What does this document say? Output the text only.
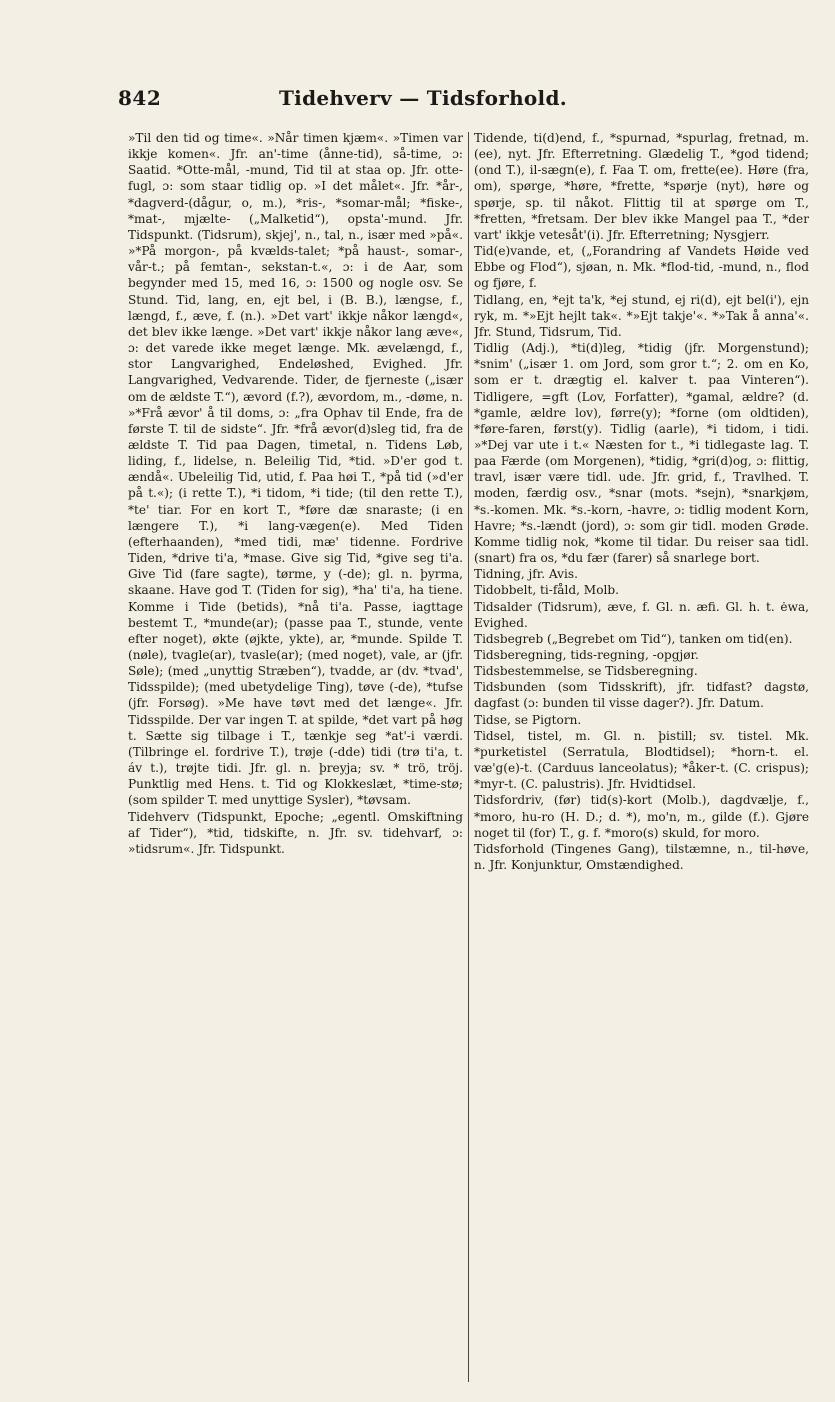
842	Tidehverv — Tidsforhold.

»Til den tid og time«. »Når timen kjæm«. »Timen var ikkje komen«. Jfr. an'-time (ånne-tid), så-time, ɔ: Saatid. *Otte-mål, -mund, Tid til at staa op. Jfr. otte-fugl, ɔ: som staar tidlig op. »I det målet«. Jfr. *år-, *dagverd-(dågur, o, m.), *ris-, *somar-mål; *fiske-, *mat-, mjælte- („Malketid“), opsta'-mund. Jfr. Tidspunkt. (Tidsrum), skjej', n., tal, n., især med »på«. »*På morgon-, på kvælds-talet; *på haust-, somar-, vår-t.; på femtan-, sekstan-t.«, ɔ: i de Aar, som begynder med 15, med 16, ɔ: 1500 og nogle osv. Se Stund. Tid, lang, en, ejt bel, i (B. B.), længse, f., længd, f., æve, f. (n.). »Det vart' ikkje nåkor længd«, det blev ikke længe. »Det vart' ikkje nåkor lang æve«, ɔ: det varede ikke meget længe. Mk. ævelængd, f., stor Langvarighed, Endeløshed, Evighed. Jfr. Langvarighed, Vedvarende. Tider, de fjerneste („især om de ældste T.“), ævord (f.?), ævordom, m., -døme, n. »*Frå ævor' å til doms, ɔ: „fra Ophav til Ende, fra de første T. til de sidste“. Jfr. *frå ævor(d)sleg tid, fra de ældste T. Tid paa Dagen, timetal, n. Tidens Løb, liding, f., lidelse, n. Beleilig Tid, *tid. »D'er god t. ændå«. Ubeleilig Tid, utid, f. Paa høi T., *på tid (»d'er på t.«); (i rette T.), *i tidom, *i tide; (til den rette T.), *te' tiar. For en kort T., *føre dæ snaraste; (i en længere T.), *i lang-vægen(e). Med Tiden (efterhaanden), *med tidi, mæ' tidenne. Fordrive Tiden, *drive ti'a, *mase. Give sig Tid, *give seg ti'a. Give Tid (fare sagte), tørme, y (-de); gl. n. þyrma, skaane. Have god T. (Tiden for sig), *ha' ti'a, ha tiene. Komme i Tide (betids), *nå ti'a. Passe, iagttage bestemt T., *munde(ar); (passe paa T., stunde, vente efter noget), økte (øjkte, ykte), ar, *munde. Spilde T. (nøle), tvagle(ar), tvasle(ar); (med noget), vale, ar (jfr. Søle); (med „unyttig Stræben“), tvadde, ar (dv. *tvad', Tidsspilde); (med ubetydelige Ting), tøve (-de), *tufse (jfr. Forsøg). »Me have tøvt med det længe«. Jfr. Tidsspilde. Der var ingen T. at spilde, *det vart på høg t. Sætte sig tilbage i T., tænkje seg *at'-i værdi. (Tilbringe el. fordrive T.), trøje (-dde) tidi (trø ti'a, t. áv t.), trøjte tidi. Jfr. gl. n. þreyja; sv. * trö, tröj. Punktlig med Hens. t. Tid og Klokkeslæt, *time-stø; (som spilder T. med unyttige Sysler), *tøvsam.

Tidehverv (Tidspunkt, Epoche; „egentl. Omskiftning af Tider“), *tid, tidskifte, n. Jfr. sv. tidehvarf, ɔ: »tidsrum«. Jfr. Tidspunkt.

Tidende, ti(d)end, f., *spurnad, *spurlag, fretnad, m. (ee), nyt. Jfr. Efterretning. Glædelig T., *god tidend; (ond T.), il-sægn(e), f. Faa T. om, frette(ee). Høre (fra, om), spørge, *høre, *frette, *spørje (nyt), høre og spørje, sp. til nåkot. Flittig til at spørge om T., *fretten, *fretsam. Der blev ikke Mangel paa T., *der vart' ikkje vetesåt'(i). Jfr. Efterretning; Nysgjerr.

Tid(e)vande, et, („Forandring af Vandets Høide ved Ebbe og Flod“), sjøan, n. Mk. *flod-tid, -mund, n., flod og fjøre, f.

Tidlang, en, *ejt ta'k, *ej stund, ej ri(d), ejt bel(i'), ejn ryk, m. *»Ejt hejlt tak«. *»Ejt takje'«. *»Tak å anna'«. Jfr. Stund, Tidsrum, Tid.

Tidlig (Adj.), *ti(d)leg, *tidig (jfr. Morgenstund); *snim' („især 1. om Jord, som gror t.“; 2. om en Ko, som er t. drægtig el. kalver t. paa Vinteren“). Tidligere, =gft (Lov, Forfatter), *gamal, ældre? (d. *gamle, ældre lov), førre(y); *forne (om oldtiden), *føre-faren, først(y). Tidlig (aarle), *i tidom, i tidi. »*Dej var ute i t.« Næsten for t., *i tidlegaste lag. T. paa Færde (om Morgenen), *tidig, *gri(d)og, ɔ: flittig, travl, især være tidl. ude. Jfr. grid, f., Travlhed. T. moden, færdig osv., *snar (mots. *sejn), *snarkjøm, *s.-komen. Mk. *s.-korn, -havre, ɔ: tidlig modent Korn, Havre; *s.-lændt (jord), ɔ: som gir tidl. moden Grøde. Komme tidlig nok, *kome til tidar. Du reiser saa tidl. (snart) fra os, *du fær (farer) så snarlege bort.

Tidning, jfr. Avis.

Tidobbelt, ti-fåld, Molb.

Tidsalder (Tidsrum), æve, f. Gl. n. æfi. Gl. h. t. ėwa, Evighed.

Tidsbegreb („Begrebet om Tid“), tanken om tid(en).

Tidsberegning, tids-regning, -opgjør.

Tidsbestemmelse, se Tidsberegning.

Tidsbunden (som Tidsskrift), jfr. tidfast? dagstø, dagfast (ɔ: bunden til visse dager?). Jfr. Datum.

Tidse, se Pigtorn.

Tidsel, tistel, m. Gl. n. þistill; sv. tistel. Mk. *purketistel (Serratula, Blodtidsel); *horn-t. el. væ'g(e)-t. (Carduus lanceolatus); *åker-t. (C. crispus); *myr-t. (C. palustris). Jfr. Hvidtidsel.

Tidsfordriv, (før) tid(s)-kort (Molb.), dagdvælje, f., *moro, hu-ro (H. D.; d. *), mo'n, m., gilde (f.). Gjøre noget til (for) T., g. f. *moro(s) skuld, for moro.

Tidsforhold (Tingenes Gang), tilstæmne, n., til-høve, n. Jfr. Konjunktur, Omstændighed.
